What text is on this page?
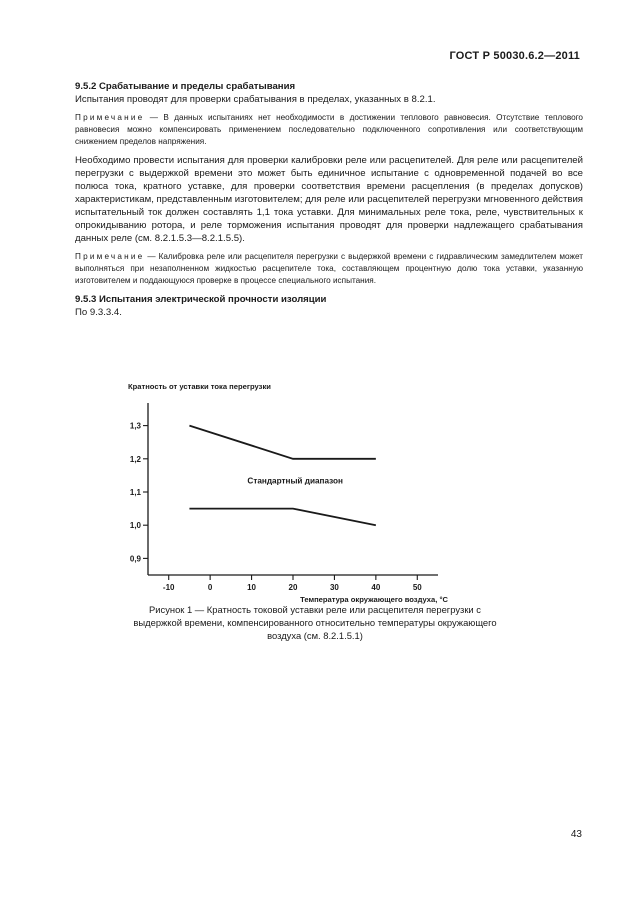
ГОСТ Р 50030.6.2—2011

9.5.2 Срабатывание и пределы срабатывания

Испытания проводят для проверки срабатывания в пределах, указанных в 8.2.1.

Примечание — В данных испытаниях нет необходимости в достижении теплового равновесия. Отсутствие теплового равновесия можно компенсировать применением последовательно подключенного сопротивления или соответствующим снижением пределов напряжения.

Необходимо провести испытания для проверки калибровки реле или расцепителей. Для реле или расцепителей перегрузки с выдержкой времени это может быть единичное испытание с одновременной подачей во все полюса тока, кратного уставке, для проверки соответствия времени расцепления (в пределах допусков) характеристикам, представленным изготовителем; для реле или расцепителей перегрузки мгновенного действия испытательный ток должен составлять 1,1 тока уставки. Для минимальных реле тока, реле, чувствительных к опрокидыванию ротора, и реле торможения испытания проводят для проверки надлежащего срабатывания данных реле (см. 8.2.1.5.3—8.2.1.5.5).

Примечание — Калибровка реле или расцепителя перегрузки с выдержкой времени с гидравлическим замедлителем может выполняться при незаполненном жидкостью расцепителе тока, составляющем процентную долю тока уставки, указанную изготовителем и поддающуюся проверке в процессе специального испытания.

9.5.3 Испытания электрической прочности изоляции

По 9.3.3.4.

Кратность от уставки тока перегрузки
1,3
1,2
1,1
1,0
0,9
-10	0	10	20	30	40	50
Температура окружающего воздуха, °С
Стандартный диапазон
Рисунок 1 — Кратность токовой уставки реле или расцепителя перегрузки с выдержкой времени, компенсированного относительно температуры окружающего воздуха (см. 8.2.1.5.1)
43
